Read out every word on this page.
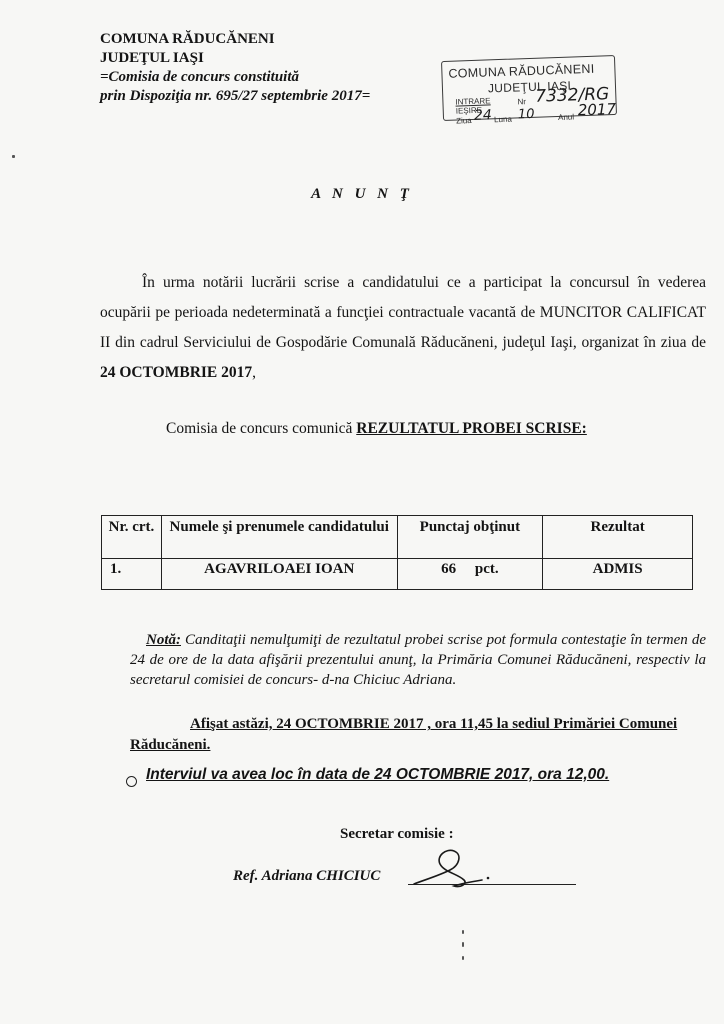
COMUNA RĂDUCĂNENI
JUDEŢUL IAŞI
=Comisia de concurs constituită
prin Dispoziţia nr. 695/27 septembrie 2017=
COMUNA RĂDUCĂNENI
JUDEŢUL IAŞI
INTRARE
IEŞIRE
Nr 7332/RG
Ziua 24 Luna 10	Anul 2017
A N U N Ţ
În urma notării lucrării scrise a candidatului ce a participat la concursul în vederea ocupării pe perioada nedeterminată a funcţiei contractuale vacantă de MUNCITOR CALIFICAT II din cadrul Serviciului de Gospodărie Comunală Răducăneni, judeţul Iaşi, organizat în ziua de 24 OCTOMBRIE 2017,
Comisia de concurs comunică REZULTATUL PROBEI SCRISE:
Nr. crt.	Numele şi prenumele candidatului	Punctaj obţinut	Rezultat
1.	AGAVRILOAEI IOAN	66     pct.	ADMIS
Notă: Canditaţii nemulţumiţi de rezultatul probei scrise pot formula contestaţie în termen de 24 de ore de la data afişării prezentului anunţ, la Primăria Comunei Răducăneni, respectiv la secretarul comisiei de concurs- d-na Chiciuc Adriana.
Afişat astăzi, 24 OCTOMBRIE 2017 , ora 11,45 la sediul Primăriei Comunei Răducăneni.
Interviul va avea loc în data de 24 OCTOMBRIE 2017, ora 12,00.
Secretar comisie :
Ref. Adriana CHICIUC
